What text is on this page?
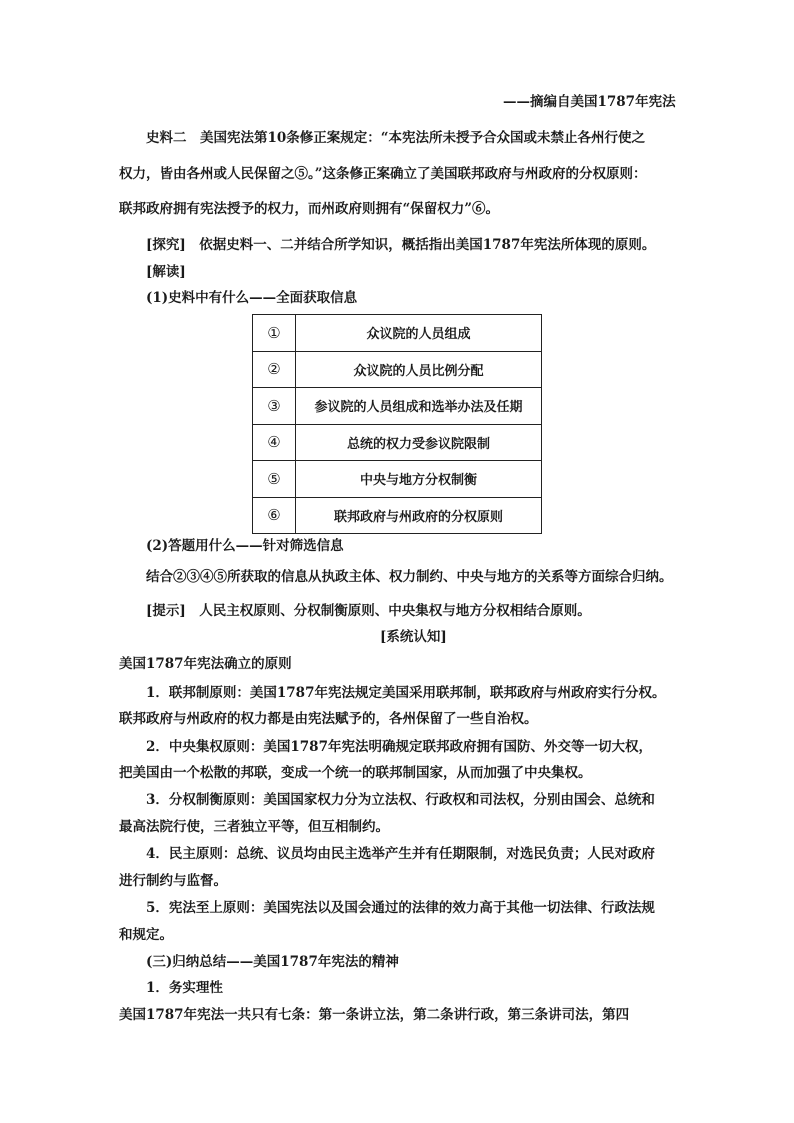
——摘编自美国1787年宪法
史料二　美国宪法第10条修正案规定：“本宪法所未授予合众国或未禁止各州行使之
权力，皆由各州或人民保留之⑤。”这条修正案确立了美国联邦政府与州政府的分权原则：
联邦政府拥有宪法授予的权力，而州政府则拥有“保留权力”⑥。
[探究]　依据史料一、二并结合所学知识，概括指出美国1787年宪法所体现的原则。
[解读]
(1)史料中有什么——全面获取信息
①	众议院的人员组成
②	众议院的人员比例分配
③	参议院的人员组成和选举办法及任期
④	总统的权力受参议院限制
⑤	中央与地方分权制衡
⑥	联邦政府与州政府的分权原则
(2)答题用什么——针对筛选信息
结合②③④⑤所获取的信息从执政主体、权力制约、中央与地方的关系等方面综合归纳。
[提示]　人民主权原则、分权制衡原则、中央集权与地方分权相结合原则。
[系统认知]
美国1787年宪法确立的原则
1．联邦制原则：美国1787年宪法规定美国采用联邦制，联邦政府与州政府实行分权。
联邦政府与州政府的权力都是由宪法赋予的，各州保留了一些自治权。
2．中央集权原则：美国1787年宪法明确规定联邦政府拥有国防、外交等一切大权，
把美国由一个松散的邦联，变成一个统一的联邦制国家，从而加强了中央集权。
3．分权制衡原则：美国国家权力分为立法权、行政权和司法权，分别由国会、总统和
最高法院行使，三者独立平等，但互相制约。
4．民主原则：总统、议员均由民主选举产生并有任期限制，对选民负责；人民对政府
进行制约与监督。
5．宪法至上原则：美国宪法以及国会通过的法律的效力高于其他一切法律、行政法规
和规定。
(三)归纳总结——美国1787年宪法的精神
1．务实理性
美国1787年宪法一共只有七条：第一条讲立法，第二条讲行政，第三条讲司法，第四
